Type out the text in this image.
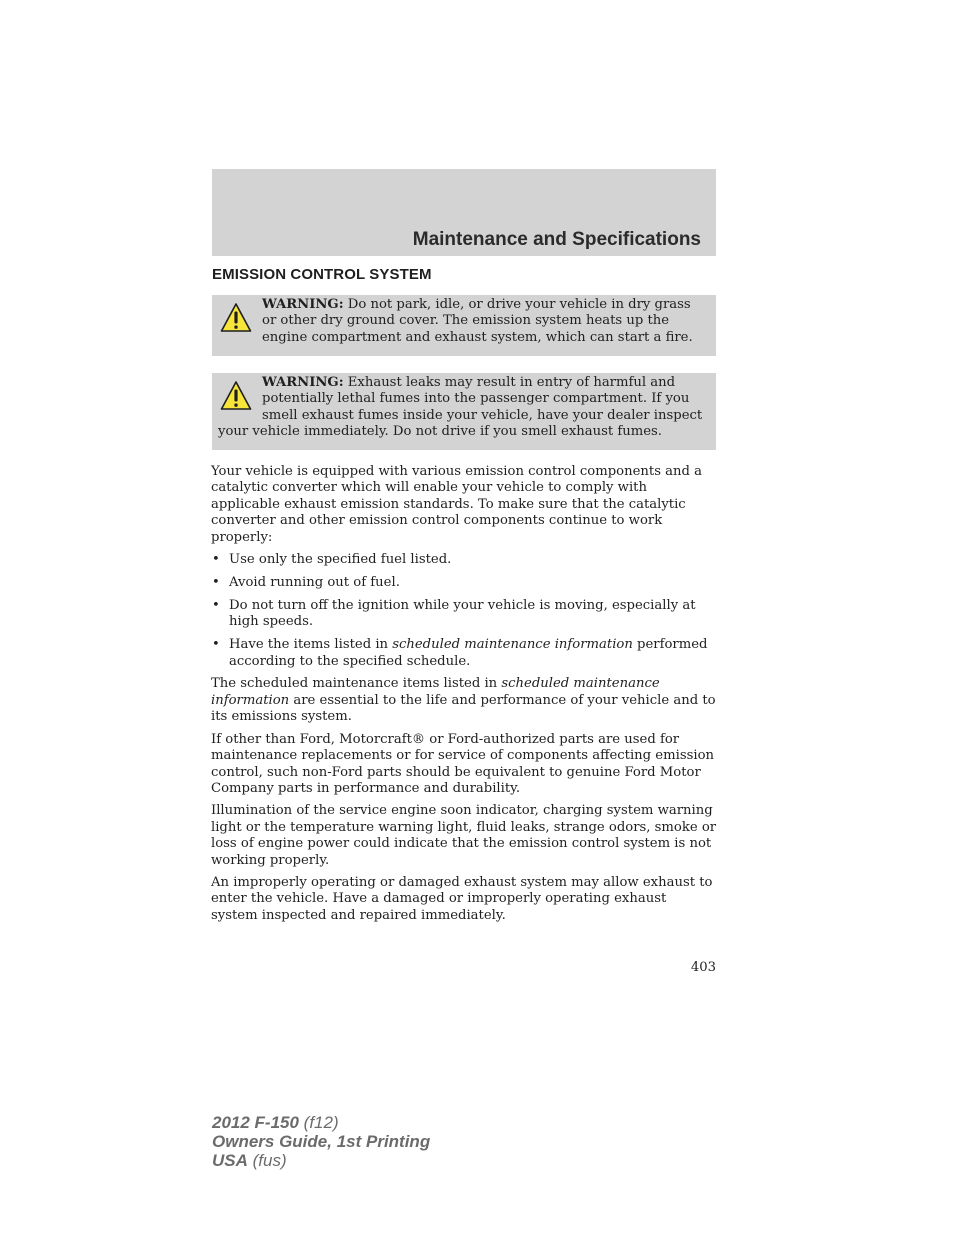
Maintenance and Specifications
EMISSION CONTROL SYSTEM

WARNING: Do not park, idle, or drive your vehicle in dry grass or other dry ground cover. The emission system heats up the engine compartment and exhaust system, which can start a fire.

WARNING: Exhaust leaks may result in entry of harmful and potentially lethal fumes into the passenger compartment. If you smell exhaust fumes inside your vehicle, have your dealer inspect your vehicle immediately. Do not drive if you smell exhaust fumes.

Your vehicle is equipped with various emission control components and a catalytic converter which will enable your vehicle to comply with applicable exhaust emission standards. To make sure that the catalytic converter and other emission control components continue to work properly:

• Use only the specified fuel listed.
• Avoid running out of fuel.
• Do not turn off the ignition while your vehicle is moving, especially at high speeds.
• Have the items listed in scheduled maintenance information performed according to the specified schedule.

The scheduled maintenance items listed in scheduled maintenance information are essential to the life and performance of your vehicle and to its emissions system.

If other than Ford, Motorcraft® or Ford-authorized parts are used for maintenance replacements or for service of components affecting emission control, such non-Ford parts should be equivalent to genuine Ford Motor Company parts in performance and durability.

Illumination of the service engine soon indicator, charging system warning light or the temperature warning light, fluid leaks, strange odors, smoke or loss of engine power could indicate that the emission control system is not working properly.

An improperly operating or damaged exhaust system may allow exhaust to enter the vehicle. Have a damaged or improperly operating exhaust system inspected and repaired immediately.

403

2012 F-150 (f12)
Owners Guide, 1st Printing
USA (fus)
